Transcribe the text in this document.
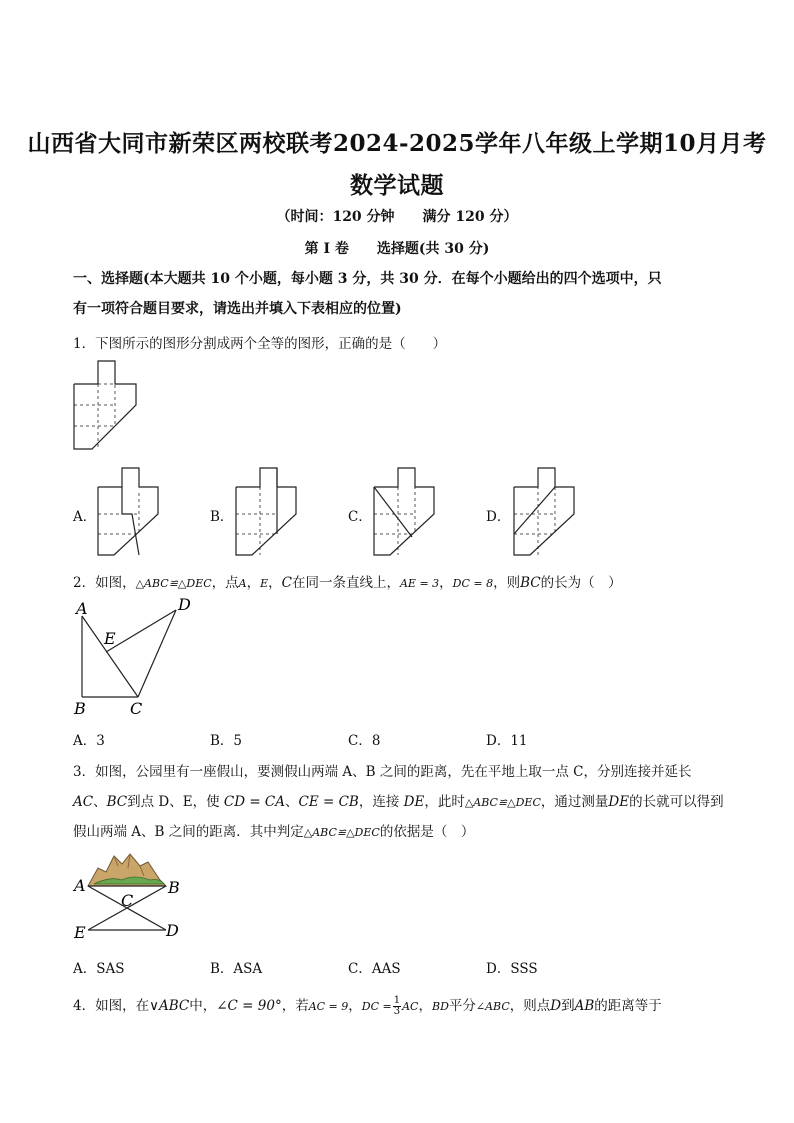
山西省大同市新荣区两校联考2024-2025学年八年级上学期10月月考
数学试题
（时间：120 分钟　　满分 120 分）
第 I 卷　　选择题(共 30 分)
一、选择题(本大题共 10 个小题，每小题 3 分，共 30 分．在每个小题给出的四个选项中，只
有一项符合题目要求，请选出并填入下表相应的位置)
1．下图所示的图形分割成两个全等的图形，正确的是（　　）
A．	B．	C．	D．
2．如图，△ABC≌△DEC，点A，E，C在同一条直线上，AE = 3，DC = 8，则BC的长为（　）
A	D
E
B	C
A．3	B．5	C．8	D．11
3．如图，公园里有一座假山，要测假山两端 A、B 之间的距离，先在平地上取一点 C，分别连接并延长
AC、BC到点 D、E，使 CD = CA、CE = CB，连接 DE，此时△ABC≌△DEC，通过测量DE的长就可以得到
假山两端 A、B 之间的距离．其中判定△ABC≌△DEC的依据是（　）
A	B
C
E	D
A．SAS	B．ASA	C．AAS	D．SSS
4．如图，在∨ABC中，∠C = 90°，若AC = 9，DC = $\frac{1}{3}$ AC，BD平分∠ABC，则点D到AB的距离等于
